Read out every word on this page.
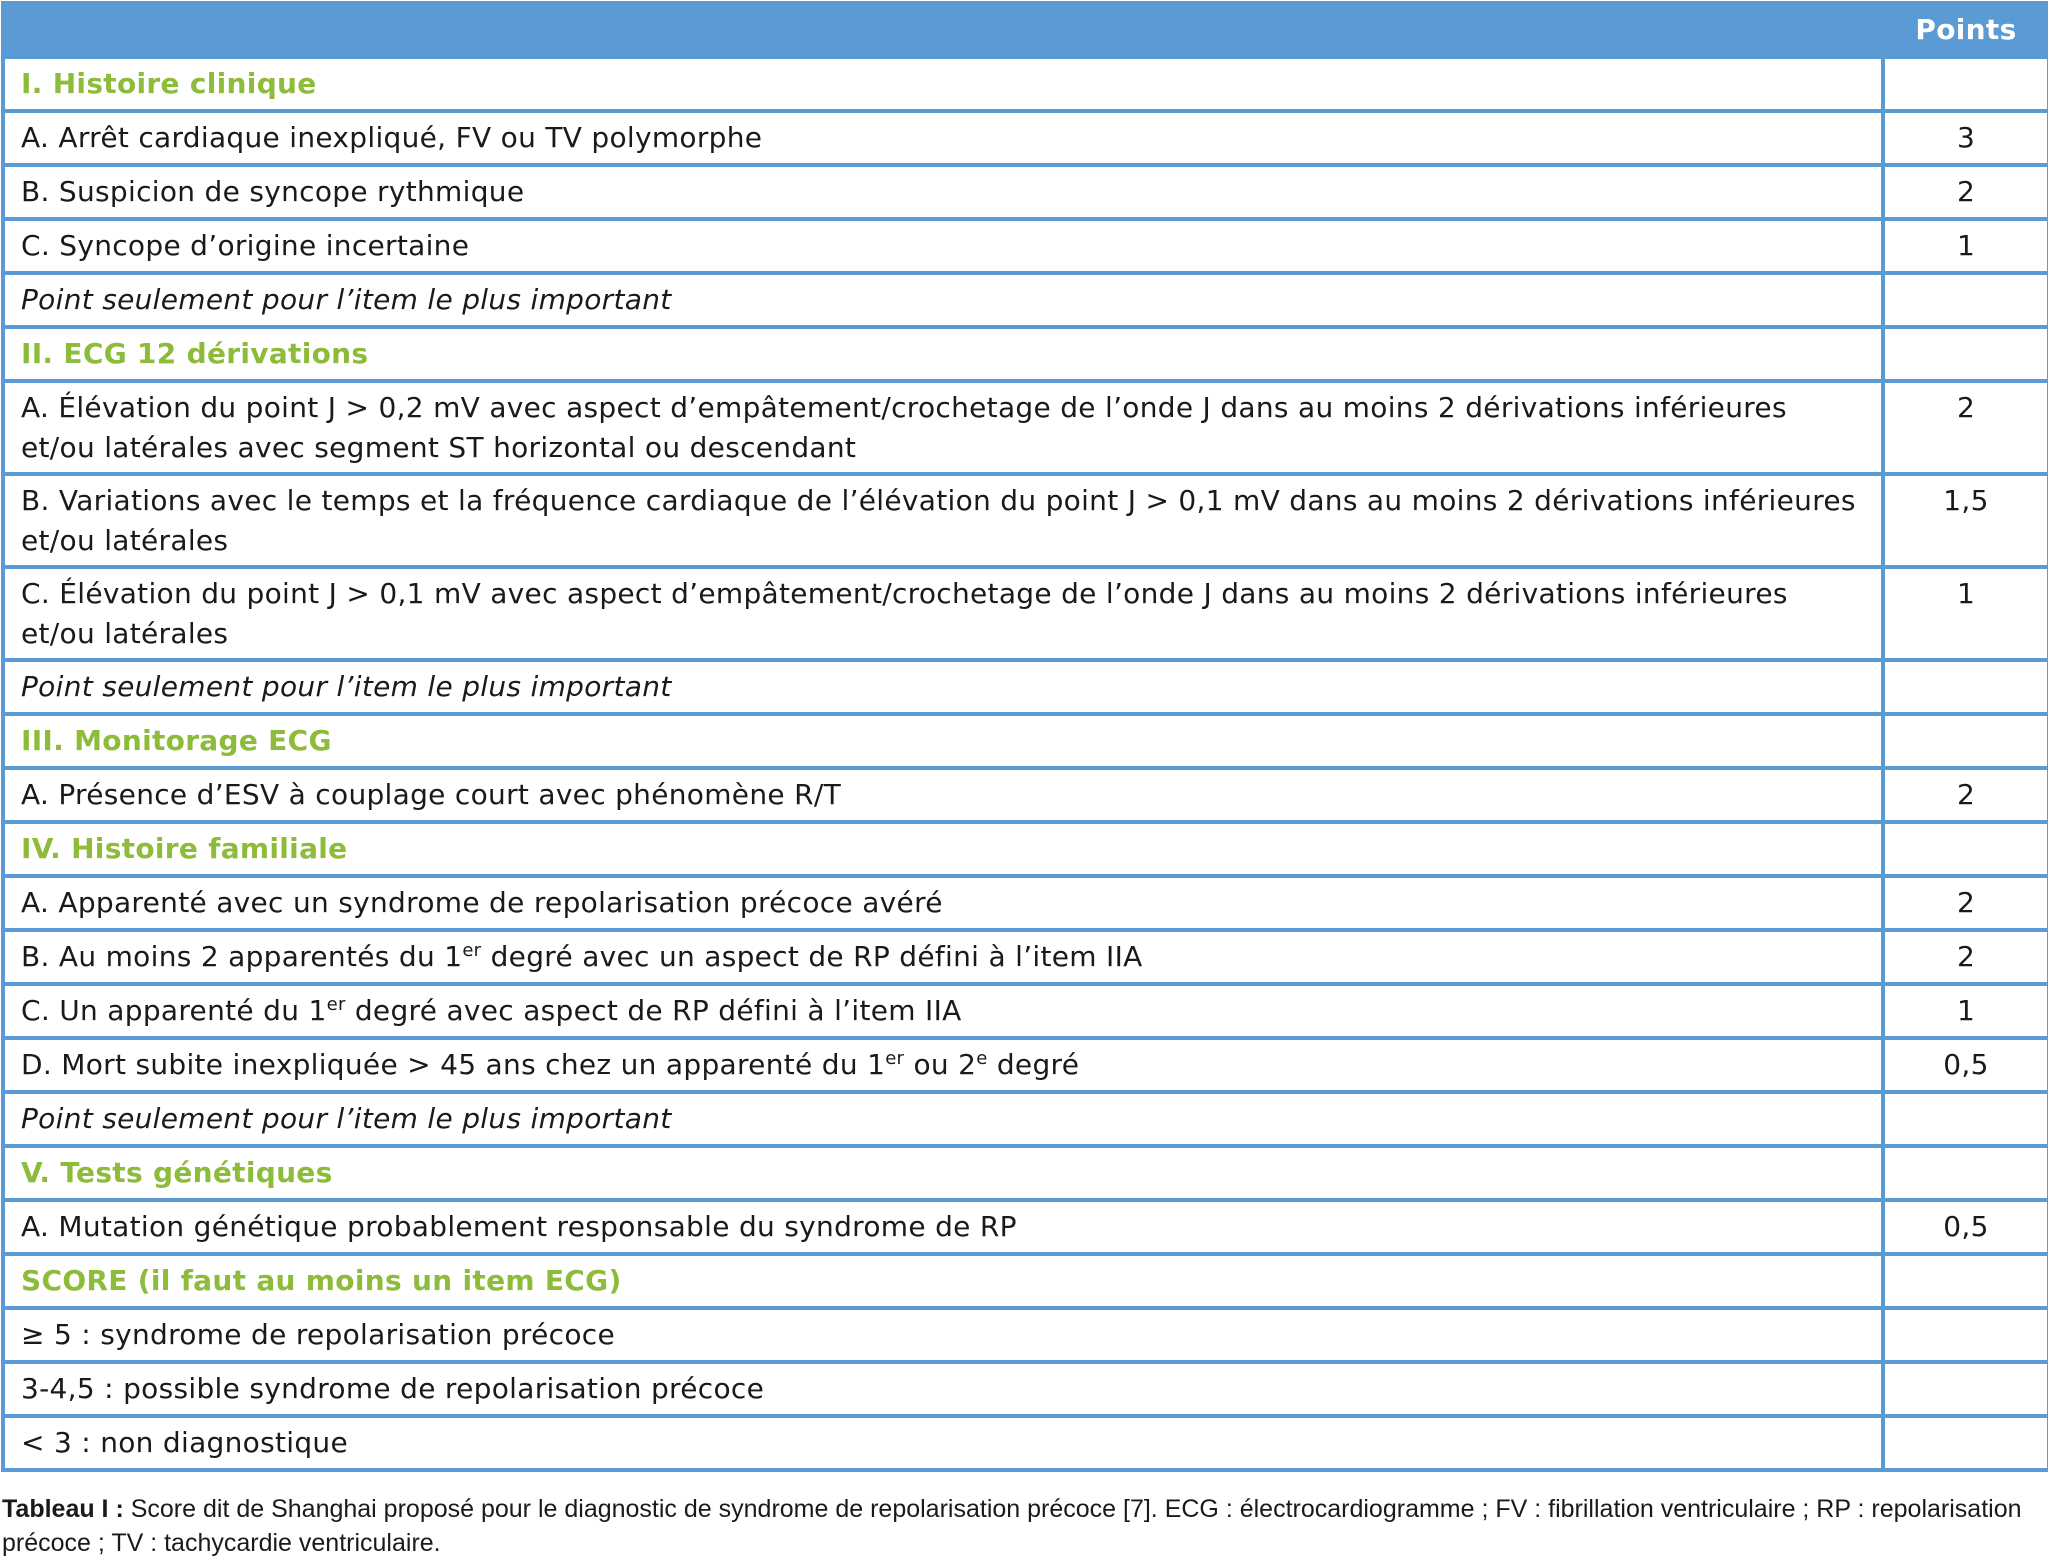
	Points
I. Histoire clinique	
A. Arrêt cardiaque inexpliqué, FV ou TV polymorphe	3
B. Suspicion de syncope rythmique	2
C. Syncope d’origine incertaine	1
Point seulement pour l’item le plus important	
II. ECG 12 dérivations	
A. Élévation du point J > 0,2 mV avec aspect d’empâtement/crochetage de l’onde J dans au moins 2 dérivations inférieures et/ou latérales avec segment ST horizontal ou descendant	2
B. Variations avec le temps et la fréquence cardiaque de l’élévation du point J > 0,1 mV dans au moins 2 dérivations inférieures et/ou latérales	1,5
C. Élévation du point J > 0,1 mV avec aspect d’empâtement/crochetage de l’onde J dans au moins 2 dérivations inférieures et/ou latérales	1
Point seulement pour l’item le plus important	
III. Monitorage ECG	
A. Présence d’ESV à couplage court avec phénomène R/T	2
IV. Histoire familiale	
A. Apparenté avec un syndrome de repolarisation précoce avéré	2
B. Au moins 2 apparentés du 1er degré avec un aspect de RP défini à l’item IIA	2
C. Un apparenté du 1er degré avec aspect de RP défini à l’item IIA	1
D. Mort subite inexpliquée > 45 ans chez un apparenté du 1er ou 2e degré	0,5
Point seulement pour l’item le plus important	
V. Tests génétiques	
A. Mutation génétique probablement responsable du syndrome de RP	0,5
SCORE (il faut au moins un item ECG)	
≥ 5 : syndrome de repolarisation précoce	
3-4,5 : possible syndrome de repolarisation précoce	
< 3 : non diagnostique	
Tableau I : Score dit de Shanghai proposé pour le diagnostic de syndrome de repolarisation précoce [7]. ECG : électrocardiogramme ; FV : fibrillation ventriculaire ; RP : repolarisation précoce ; TV : tachycardie ventriculaire.
